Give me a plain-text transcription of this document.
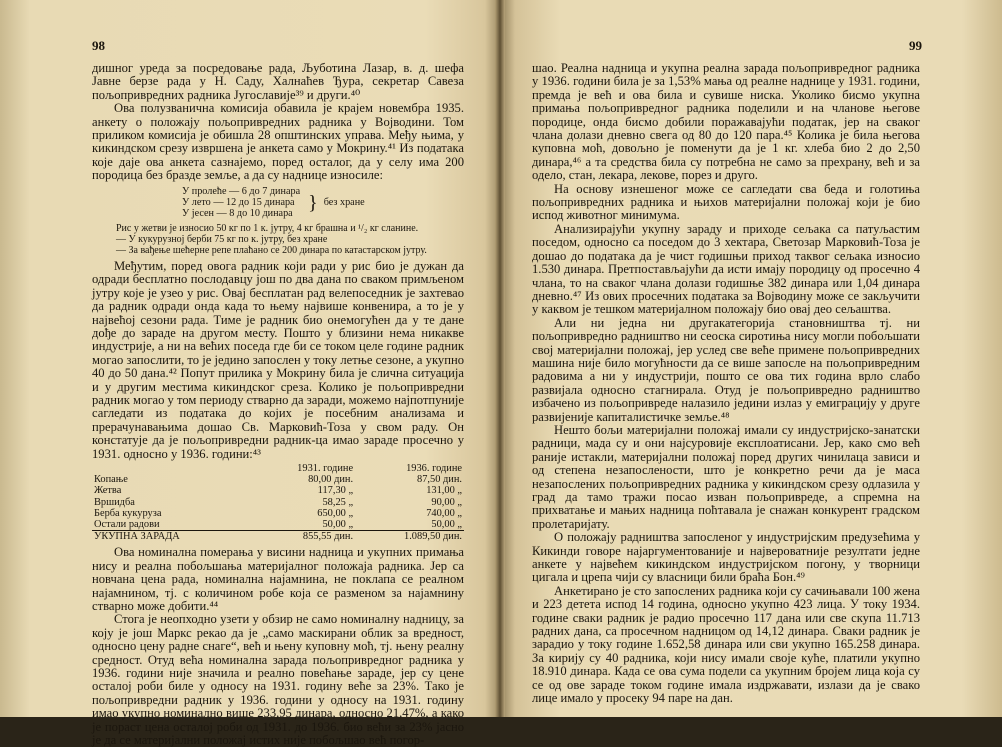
98

дишног уреда за посредовање рада, Љуботина Лазар, в. д. шефа Јавне берзе рада у Н. Саду, Халнаћев Ђура, секретар Савеза пољопривредних радника Југославије³⁹ и други.⁴⁰

Ова полузванична комисија обавила је крајем новембра 1935. анкету о положају пољопривредних радника у Војводини. Том приликом комисија је обишла 28 општинских управа. Међу њима, у кикиндском срезу извршена је анкета само у Мокрину.⁴¹ Из података које даје ова анкета сазнајемо, поред осталог, да у селу има 200 породица без бразде земље, а да су наднице износиле:

У пролеће — 6 до 7 динара
У лето — 12 до 15 динара
У јесен — 8 до 10 динара
} без хране
Рис у жетви је износио 50 кг по 1 к. јутру, 4 кг брашна и ¹/₂ кг сланине.
— У кукурузној берби 75 кг по к. јутру, без хране
— За вађење шећерне репе плаћано се 200 динара по катастарском јутру.

Међутим, поред овога радник који ради у рис био је дужан да одради бесплатно послодавцу још по два дана по сваком примљеном јутру које је узео у рис. Овај бесплатан рад велепоседник је захтевао да радник одради онда када то њему највише конвенира, а то је у највећој сезони рада. Тиме је радник био онемогућен да у те дане дође до зараде на другом месту. Пошто у близини нема никакве индустрије, а ни на већих поседа где би се током целе године радник могао запослити, то је једино запослен у току летње сезоне, а укупно 40 до 50 дана.⁴² Попут прилика у Мокрину била је слична ситуација и у другим местима кикиндског среза. Колико је пољопривредни радник могао у том периоду стварно да заради, можемо најпотпуније сагледати из података до којих је посебним анализама и прерачунавањима дошао Св. Марковић-Тоза у свом раду. Он констатује да је пољопривредни радник-ца имао зараде просечно у 1931. односно у 1936. години:⁴³

	1931. године	1936. године
Копање	80,00 дин.	87,50 дин.
Жетва	117,30 „	131,00 „
Вршидба	58,25 „	90,00 „
Берба кукуруза	650,00 „	740,00 „
Остали радови	50,00 „	50,00 „
УКУПНА ЗАРАДА	855,55 дин.	1.089,50 дин.

Ова номинална померања у висини надница и укупних примања нису и реална побољшања материјалног положаја радника. Јер са новчана цена рада, номинална најамнина, не поклапа се реалном најамнином, тј. с количином робе која се разменом за најамнину стварно може добити.⁴⁴

Стога је неопходно узети у обзир не само номиналну надницу, за коју је још Маркс рекао да је „само маскирани облик за вредност, односно цену радне снаге“, већ и њену куповну моћ, тј. њену реалну средност. Отуд већа номинална зарада пољопривредног радника у 1936. години није значила и реално повећање зараде, јер су цене осталој роби биле у односу на 1931. годину веће за 23%. Тако је пољопривредни радник у 1936. години у односу на 1931. годину имао укупно номинално више 233,95 динара, односно 21,47%, а како је пораст цена осталој роби од 1931. до 1936. био већи за 23% јасно је да се материјални положај истих није побољшао већ погор-

99

шао. Реална надница и укупна реална зарада пољопривредног радника у 1936. години била је за 1,53% мања од реалне наднице у 1931. години, премда је већ и ова била и сувише ниска. Уколико бисмо укупна примања пољопривредног радника поделили и на чланове његове породице, онда бисмо добили поражавајући податак, јер на сваког члана долази дневно свега од 80 до 120 пара.⁴⁵ Колика је била његова куповна моћ, довољно је поменути да је 1 кг. хлеба био 2 до 2,50 динара,⁴⁶ а та средства била су потребна не само за прехрану, већ и за одело, стан, лекара, лекове, порез и друго.

На основу изнешеног може се сагледати сва беда и голотиња пољопривредних радника и њихов материјални положај који је био испод животног минимума.

Анализирајући укупну зараду и приходе сељака са патуљастим поседом, односно са поседом до 3 хектара, Светозар Марковић-Тоза је дошао до података да је чист годишњи приход таквог сељака износио 1.530 динара. Претпостављајући да исти имају породицу од просечно 4 члана, то на сваког члана долази годишње 382 динара или 1,04 динара дневно.⁴⁷ Из ових просечних података за Војводину може се закључити у каквом је тешком материјалном положају био овај део сељаштва.

Али ни једна ни другакатегорија становништва тј. ни пољопривредно радништво ни сеоска сиротиња нису могли побољшати свој материјални положај, јер услед све веће примене пољопривредних машина није било могућности да се више запосле на пољопривредним радовима а ни у индустрији, пошто се ова тих година врло слабо развијала односно стагнирала. Отуд је пољопривредно радништво избачено из пољопривреде налазило једини излаз у емиграцију у друге развијеније капиталистичке земље.⁴⁸

Нешто бољи материјални положај имали су индустријско-занатски радници, мада су и они најсуровије експлоатисани. Јер, како смо већ раније истакли, материјални положај поред других чинилаца зависи и од степена незапослености, што је конкретно речи да је маса незапослених пољопривредних радника у кикиндском срезу одлазила у град да тамо тражи посао изван пољопривреде, а спремна на прихватање и мањих надница поћтавала је снажан конкурент градском пролетаријату.

О положају радништва запосленог у индустријским предузећима у Кикинди говоре најаргументованије и највероватније резултати једне анкете у највећем кикиндском индустријском погону, у творници цигала и црепа чији су власници били браћа Бон.⁴⁹

Анкетирано је сто запослених радника који су сачињавали 100 жена и 223 детета испод 14 година, односно укупно 423 лица. У току 1934. године сваки радник је радио просечно 117 дана или све скупа 11.713 радних дана, са просечном надницом од 14,12 динара. Сваки радник је зарадио у току године 1.652,58 динара или сви укупно 165.258 динара. За кирију су 40 радника, који нису имали своје куће, платили укупно 18.910 динара. Када се ова сума подели са укупним бројем лица која су се од ове зараде током године имала издржавати, излази да је свако лице имало у просеку 94 паре на дан.
